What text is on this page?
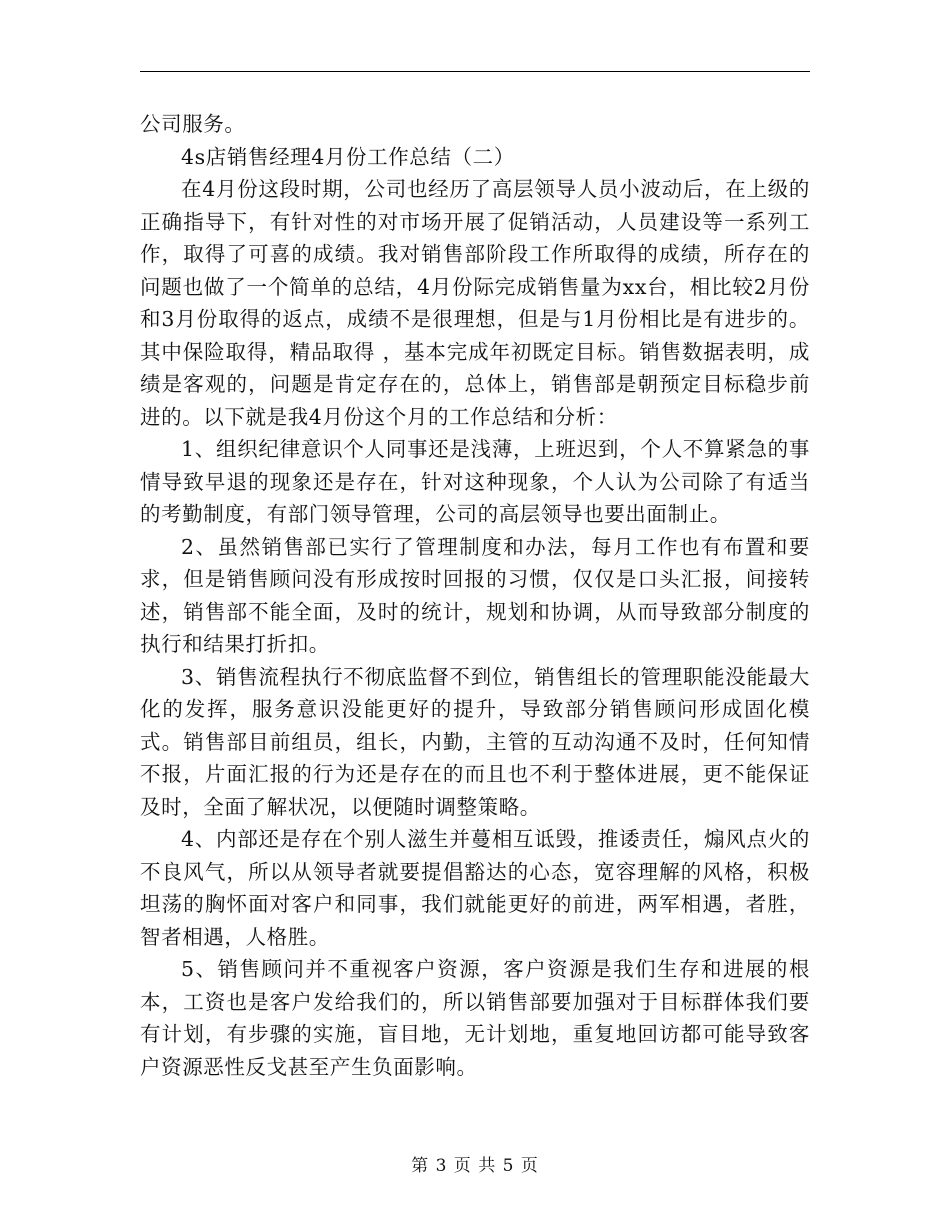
公司服务。

4s店销售经理4月份工作总结（二）

在4月份这段时期，公司也经历了高层领导人员小波动后，在上级的正确指导下，有针对性的对市场开展了促销活动，人员建设等一系列工作，取得了可喜的成绩。我对销售部阶段工作所取得的成绩，所存在的问题也做了一个简单的总结，4月份际完成销售量为xx台，相比较2月份和3月份取得的返点，成绩不是很理想，但是与1月份相比是有进步的。其中保险取得，精品取得 ，基本完成年初既定目标。销售数据表明，成绩是客观的，问题是肯定存在的，总体上，销售部是朝预定目标稳步前进的。以下就是我4月份这个月的工作总结和分析：

1、组织纪律意识个人同事还是浅薄，上班迟到，个人不算紧急的事情导致早退的现象还是存在，针对这种现象，个人认为公司除了有适当的考勤制度，有部门领导管理，公司的高层领导也要出面制止。

2、虽然销售部已实行了管理制度和办法，每月工作也有布置和要求，但是销售顾问没有形成按时回报的习惯，仅仅是口头汇报，间接转述，销售部不能全面，及时的统计，规划和协调，从而导致部分制度的执行和结果打折扣。

3、销售流程执行不彻底监督不到位，销售组长的管理职能没能最大化的发挥，服务意识没能更好的提升，导致部分销售顾问形成固化模式。销售部目前组员，组长，内勤，主管的互动沟通不及时，任何知情不报，片面汇报的行为还是存在的而且也不利于整体进展，更不能保证及时，全面了解状况，以便随时调整策略。

4、内部还是存在个别人滋生并蔓相互诋毁，推诿责任，煽风点火的不良风气，所以从领导者就要提倡豁达的心态，宽容理解的风格，积极坦荡的胸怀面对客户和同事，我们就能更好的前进，两军相遇，者胜，智者相遇，人格胜。

5、销售顾问并不重视客户资源，客户资源是我们生存和进展的根本，工资也是客户发给我们的，所以销售部要加强对于目标群体我们要有计划，有步骤的实施，盲目地，无计划地，重复地回访都可能导致客户资源恶性反戈甚至产生负面影响。

第 3 页 共 5 页
